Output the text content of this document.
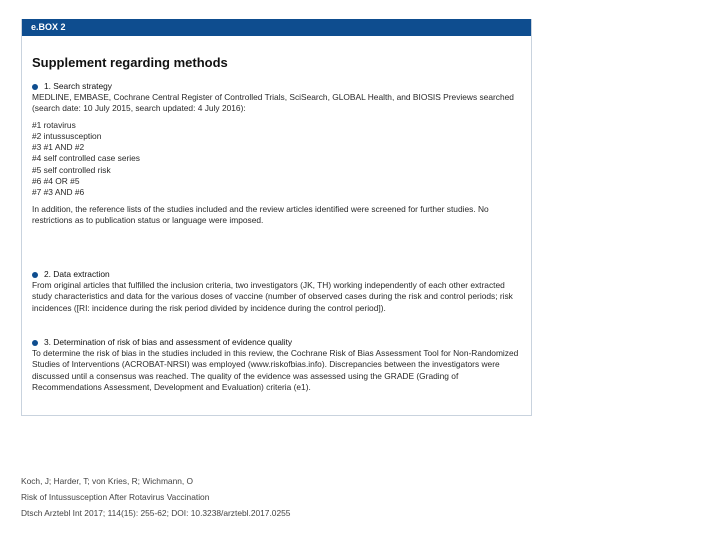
e.BOX 2
Supplement regarding methods
1. Search strategy

MEDLINE, EMBASE, Cochrane Central Register of Controlled Trials, SciSearch, GLOBAL Health, and BIOSIS Previews searched (search date: 10 July 2015, search updated: 4 July 2016):

#1 rotavirus
#2 intussusception
#3 #1 AND #2
#4 self controlled case series
#5 self controlled risk
#6 #4 OR #5
#7 #3 AND #6

In addition, the reference lists of the studies included and the review articles identified were screened for further studies. No restrictions as to publication status or language were imposed.

2. Data extraction

From original articles that fulfilled the inclusion criteria, two investigators (JK, TH) working independently of each other extracted study characteristics and data for the various doses of vaccine (number of observed cases during the risk and control periods; risk incidences ([RI: incidence during the risk period divided by incidence during the control period]).

3. Determination of risk of bias and assessment of evidence quality

To determine the risk of bias in the studies included in this review, the Cochrane Risk of Bias Assessment Tool for Non-Randomized Studies of Interventions (ACROBAT-NRSI) was employed (www.riskofbias.info). Discrepancies between the investigators were discussed until a consensus was reached. The quality of the evidence was assessed using the GRADE (Grading of Recommendations Assessment, Development and Evaluation) criteria (e1).

Koch, J; Harder, T; von Kries, R; Wichmann, O
Risk of Intussusception After Rotavirus Vaccination
Dtsch Arztebl Int 2017; 114(15): 255-62; DOI: 10.3238/arztebl.2017.0255
